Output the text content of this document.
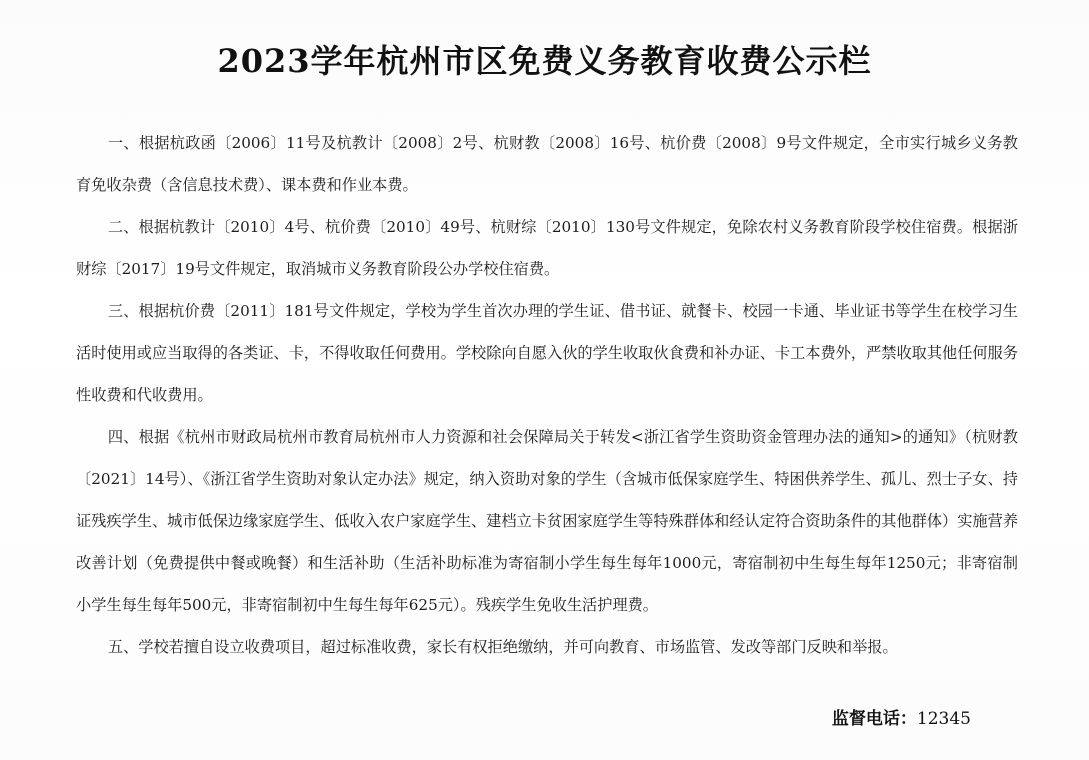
2023学年杭州市区免费义务教育收费公示栏

一、根据杭政函〔2006〕11号及杭教计〔2008〕2号、杭财教〔2008〕16号、杭价费〔2008〕9号文件规定，全市实行城乡义务教育免收杂费（含信息技术费）、课本费和作业本费。

二、根据杭教计〔2010〕4号、杭价费〔2010〕49号、杭财综〔2010〕130号文件规定，免除农村义务教育阶段学校住宿费。根据浙财综〔2017〕19号文件规定，取消城市义务教育阶段公办学校住宿费。

三、根据杭价费〔2011〕181号文件规定，学校为学生首次办理的学生证、借书证、就餐卡、校园一卡通、毕业证书等学生在校学习生活时使用或应当取得的各类证、卡，不得收取任何费用。学校除向自愿入伙的学生收取伙食费和补办证、卡工本费外，严禁收取其他任何服务性收费和代收费用。

四、根据《杭州市财政局杭州市教育局杭州市人力资源和社会保障局关于转发<浙江省学生资助资金管理办法的通知>的通知》（杭财教〔2021〕14号）、《浙江省学生资助对象认定办法》规定，纳入资助对象的学生（含城市低保家庭学生、特困供养学生、孤儿、烈士子女、持证残疾学生、城市低保边缘家庭学生、低收入农户家庭学生、建档立卡贫困家庭学生等特殊群体和经认定符合资助条件的其他群体）实施营养改善计划（免费提供中餐或晚餐）和生活补助（生活补助标准为寄宿制小学生每生每年1000元，寄宿制初中生每生每年1250元；非寄宿制小学生每生每年500元，非寄宿制初中生每生每年625元）。残疾学生免收生活护理费。

五、学校若擅自设立收费项目，超过标准收费，家长有权拒绝缴纳，并可向教育、市场监管、发改等部门反映和举报。

监督电话：12345
